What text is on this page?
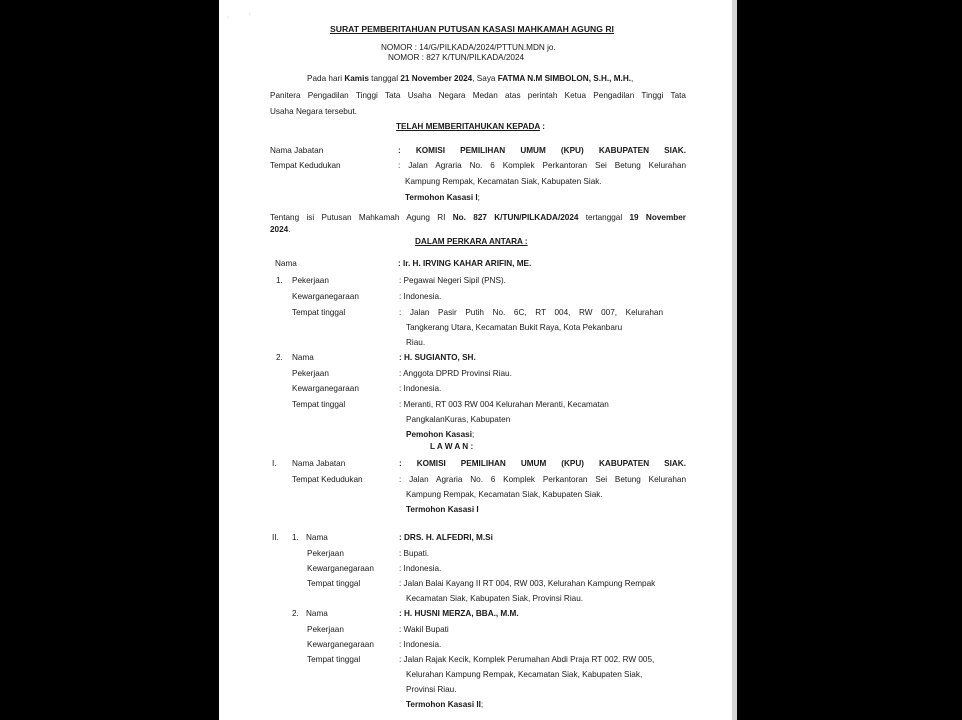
·          ´
SURAT PEMBERITAHUAN PUTUSAN KASASI MAHKAMAH AGUNG RI
NOMOR : 14/G/PILKADA/2024/PTTUN.MDN jo.
NOMOR : 827 K/TUN/PILKADA/2024
Pada hari Kamis tanggal 21 November 2024, Saya FATMA N.M SIMBOLON, S.H., M.H.,
Panitera Pengadilan Tinggi Tata Usaha Negara Medan atas perintah Ketua Pengadilan Tinggi Tata
Usaha Negara tersebut.
TELAH MEMBERITAHUKAN KEPADA :
Nama Jabatan	: KOMISI PEMILIHAN UMUM (KPU) KABUPATEN SIAK.
Tempat Kedudukan	: Jalan Agraria No. 6 Komplek Perkantoran Sei Betung Kelurahan
Kampung Rempak, Kecamatan Siak, Kabupaten Siak.
Termohon Kasasi I;
Tentang isi Putusan Mahkamah Agung RI No. 827 K/TUN/PILKADA/2024 tertanggal 19 November
2024.
DALAM PERKARA ANTARA :
Nama	: Ir. H. IRVING KAHAR ARIFIN, ME.
1. Pekerjaan	: Pegawai Negeri Sipil (PNS).
Kewarganegaraan	: Indonesia.
Tempat tinggal	: Jalan Pasir Putih No. 6C, RT 004, RW 007, Kelurahan
Tangkerang Utara, Kecamatan Bukit Raya, Kota Pekanbaru
Riau.
2. Nama	: H. SUGIANTO, SH.
Pekerjaan	: Anggota DPRD Provinsi Riau.
Kewarganegaraan	: Indonesia.
Tempat tinggal	: Meranti, RT 003 RW 004 Kelurahan Meranti, Kecamatan
PangkalanKuras, Kabupaten
Pemohon Kasasi;
L A W A N :
I. Nama Jabatan	: KOMISI PEMILIHAN UMUM (KPU) KABUPATEN SIAK.
Tempat Kedudukan	: Jalan Agraria No. 6 Komplek Perkantoran Sei Betung Kelurahan
Kampung Rempak, Kecamatan Siak, Kabupaten Siak.
Termohon Kasasi I
II. 1. Nama	: DRS. H. ALFEDRI, M.Si
Pekerjaan	: Bupati.
Kewarganegaraan	: Indonesia.
Tempat tinggal	: Jalan Balai Kayang II RT 004, RW 003, Kelurahan Kampung Rempak
Kecamatan Siak, Kabupaten Siak, Provinsi Riau.
2. Nama	: H. HUSNI MERZA, BBA., M.M.
Pekerjaan	: Wakil Bupati
Kewarganegaraan	: Indonesia.
Tempat tinggal	: Jalan Rajak Kecik, Komplek Perumahan Abdi Praja RT 002. RW 005,
Kelurahan Kampung Rempak, Kecamatan Siak, Kabupaten Siak,
Provinsi Riau.
Termohon Kasasi II;
